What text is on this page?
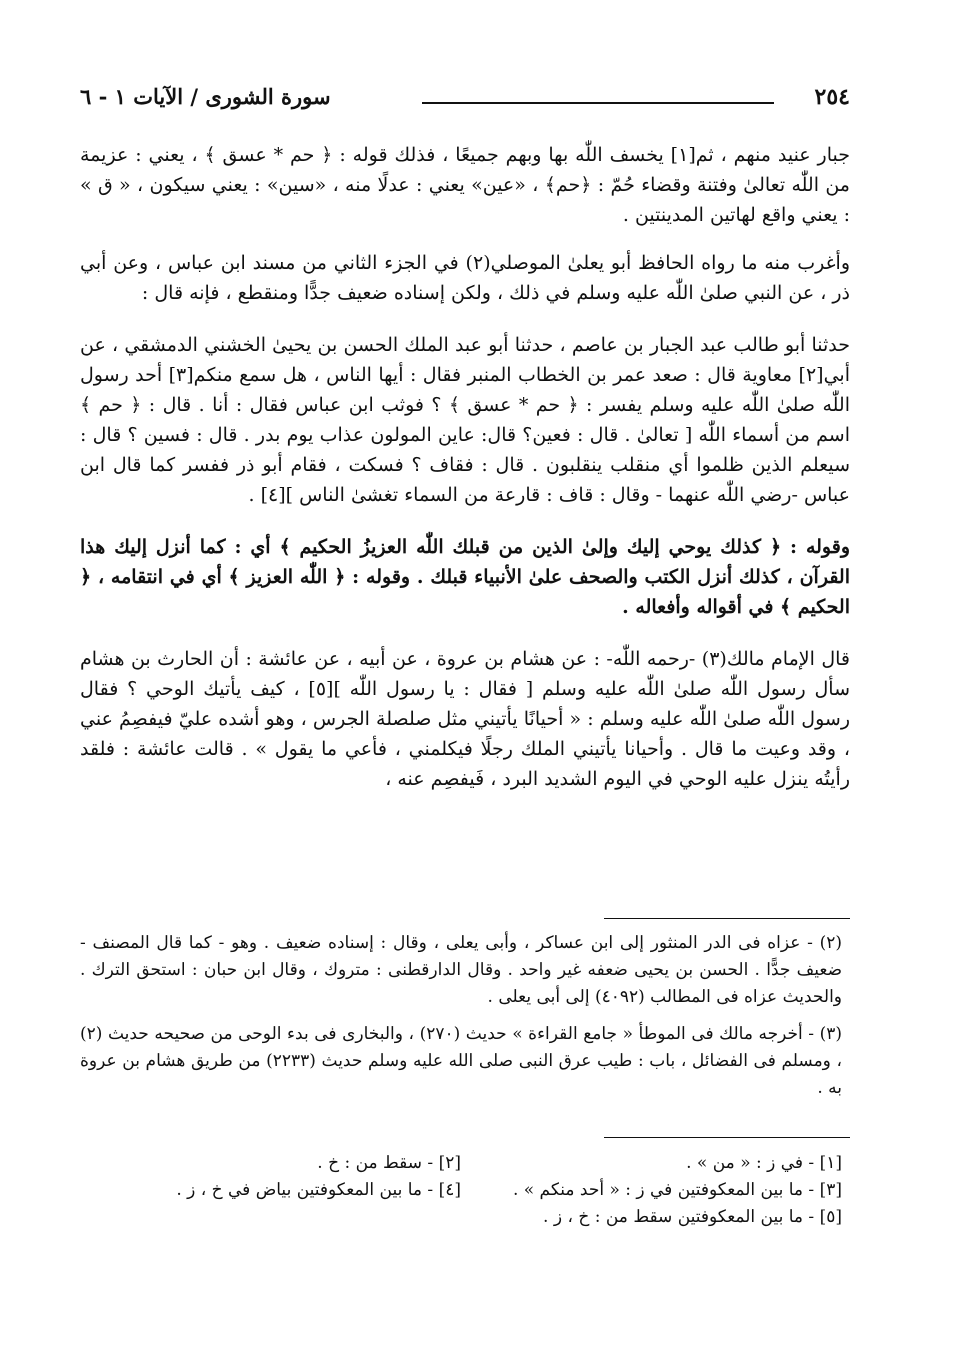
٢٥٤
سورة الشورى / الآيات ١ - ٦

جبار عنيد منهم ، ثم[١] يخسف اللّٰه بها وبهم جميعًا ، فذلك قوله : ﴿ حم * عسق ﴾ ، يعني : عزيمة من اللّٰه تعالىٰ وفتنة وقضاء حُمّ : ﴿حم﴾ ، «عين» يعني : عدلًا منه ، «سين» : يعني سيكون ، « ق » : يعني واقع لهاتين المدينتين .

وأغرب منه ما رواه الحافظ أبو يعلىٰ الموصلي(٢) في الجزء الثاني من مسند ابن عباس ، وعن أبي ذر ، عن النبي صلىٰ اللّٰه عليه وسلم في ذلك ، ولكن إسناده ضعيف جدًّا ومنقطع ، فإنه قال :

حدثنا أبو طالب عبد الجبار بن عاصم ، حدثنا أبو عبد الملك الحسن بن يحيىٰ الخشني الدمشقي ، عن أبي[٢] معاوية قال : صعد عمر بن الخطاب المنبر فقال : أيها الناس ، هل سمع منكم[٣] أحد رسول اللّٰه صلىٰ اللّٰه عليه وسلم يفسر : ﴿ حم * عسق ﴾ ؟ فوثب ابن عباس فقال : أنا . قال : ﴿ حم ﴾ اسم من أسماء اللّٰه [ تعالىٰ . قال : فعين؟ قال: عاين المولون عذاب يوم بدر . قال : فسين ؟ قال : سيعلم الذين ظلموا أي منقلب ينقلبون . قال : فقاف ؟ فسكت ، فقام أبو ذر ففسر كما قال ابن عباس -رضي اللّٰه عنهما - وقال : قاف : قارعة من السماء تغشىٰ الناس ][٤] .

وقوله : ﴿ كذلك يوحي إليك وإلىٰ الذين من قبلك اللّٰه العزيزُ الحكيم ﴾ أي : كما أنزل إليك هذا القرآن ، كذلك أنزل الكتب والصحف علىٰ الأنبياء قبلك . وقوله : ﴿ اللّٰه العزيز ﴾ أي في انتقامه ، ﴿ الحكيم ﴾ في أقواله وأفعاله .

قال الإمام مالك(٣) -رحمه اللّٰه- : عن هشام بن عروة ، عن أبيه ، عن عائشة : أن الحارث بن هشام سأل رسول اللّٰه صلىٰ اللّٰه عليه وسلم [ فقال : يا رسول اللّٰه ][٥] ، كيف يأتيك الوحي ؟ فقال رسول اللّٰه صلىٰ اللّٰه عليه وسلم : « أحيانًا يأتيني مثل صلصلة الجرس ، وهو أشده عليّ فيفصِمُ عني ، وقد وعيت ما قال . وأحيانا يأتيني الملك رجلًا فيكلمني ، فأعي ما يقول » . قالت عائشة : فلقد رأيتُه ينزل عليه الوحي في اليوم الشديد البرد ، فَيفصِم عنه ،

(٢) - عزاه فى الدر المنثور إلى ابن عساكر ، وأبى يعلى ، وقال : إسناده ضعيف . وهو - كما قال المصنف - ضعيف جدًّا . الحسن بن يحيى ضعفه غير واحد . وقال الدارقطنى : متروك ، وقال ابن حبان : استحق الترك . والحديث عزاه فى المطالب (٤٠٩٢) إلى أبى يعلى .

(٣) - أخرجه مالك فى الموطأ « جامع القراءة » حديث (٢٧٠) ، والبخارى فى بدء الوحى من صحيحه حديث (٢) ، ومسلم فى الفضائل ، باب : طيب عرق النبى صلى الله عليه وسلم حديث (٢٢٣٣) من طريق هشام بن عروة به .

[١] - في ز : « من » .
[٢] - سقط من : خ .
[٣] - ما بين المعكوفتين في ز : « أحد منكم » .
[٤] - ما بين المعكوفتين بياض في خ ، ز .
[٥] - ما بين المعكوفتين سقط من : خ ، ز .
